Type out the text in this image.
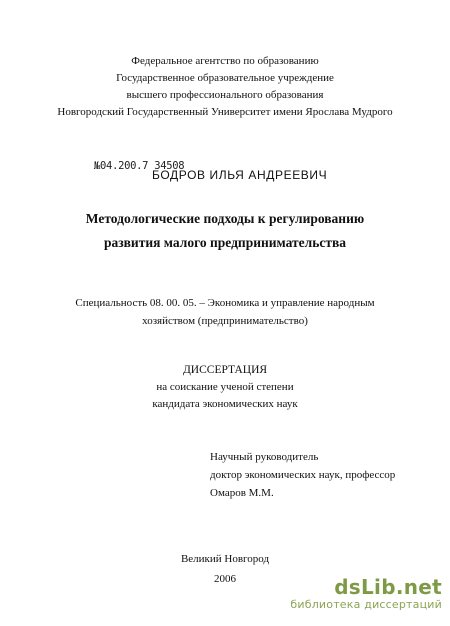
Федеральное агентство по образованию
Государственное образовательное учреждение
высшего профессионального образования
Новгородский Государственный Университет имени Ярослава Мудрого
№04.200.7 34508
БОДРОВ ИЛЬЯ АНДРЕЕВИЧ
Методологические подходы к регулированию
развития малого предпринимательства
Специальность 08. 00. 05. – Экономика и управление народным
хозяйством (предпринимательство)
ДИССЕРТАЦИЯ
на соискание ученой степени
кандидата экономических наук
Научный руководитель
доктор экономических наук, профессор
Омаров М.М.
Великий Новгород
2006	dsLib.net
библиотека диссертаций
